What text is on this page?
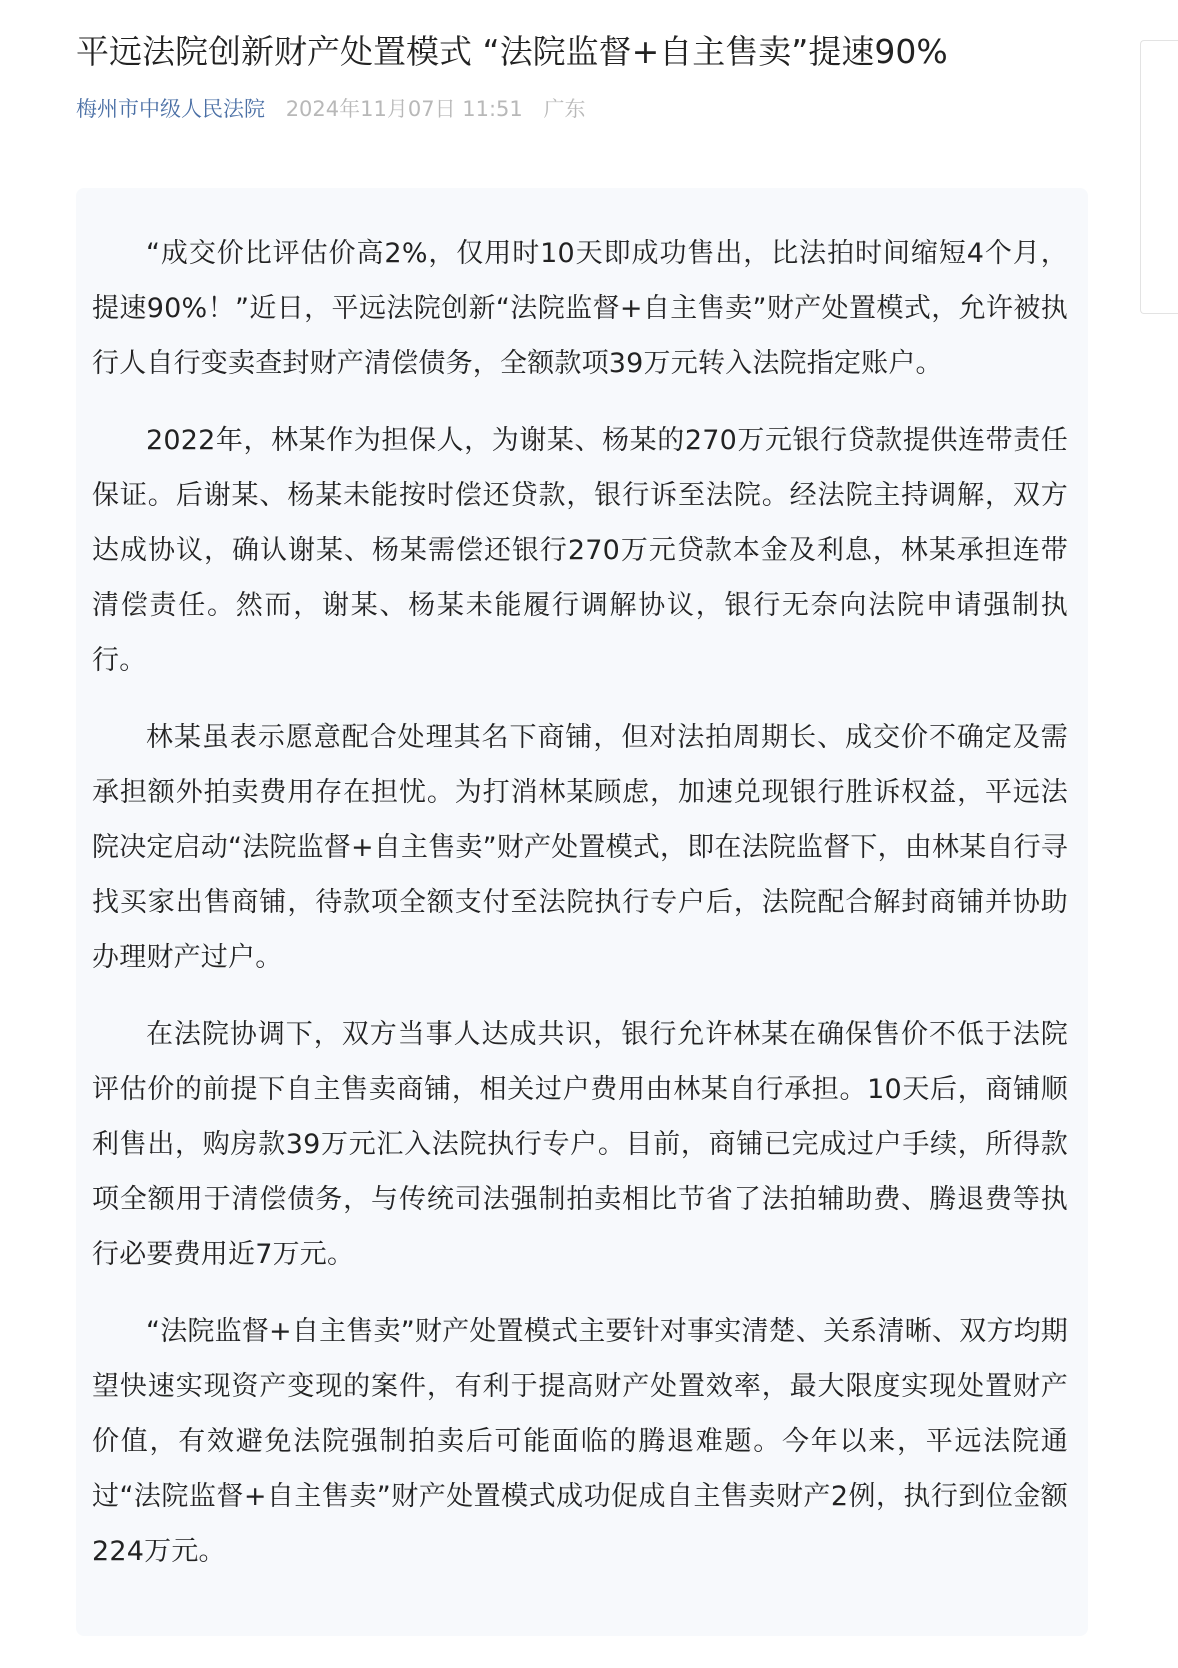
平远法院创新财产处置模式 “法院监督+自主售卖”提速90%
梅州市中级人民法院 2024年11月07日 11:51 广东

“成交价比评估价高2%，仅用时10天即成功售出，比法拍时间缩短4个月，提速90%！”近日，平远法院创新“法院监督+自主售卖”财产处置模式，允许被执行人自行变卖查封财产清偿债务，全额款项39万元转入法院指定账户。

2022年，林某作为担保人，为谢某、杨某的270万元银行贷款提供连带责任保证。后谢某、杨某未能按时偿还贷款，银行诉至法院。经法院主持调解，双方达成协议，确认谢某、杨某需偿还银行270万元贷款本金及利息，林某承担连带清偿责任。然而，谢某、杨某未能履行调解协议，银行无奈向法院申请强制执行。

林某虽表示愿意配合处理其名下商铺，但对法拍周期长、成交价不确定及需承担额外拍卖费用存在担忧。为打消林某顾虑，加速兑现银行胜诉权益，平远法院决定启动“法院监督+自主售卖”财产处置模式，即在法院监督下，由林某自行寻找买家出售商铺，待款项全额支付至法院执行专户后，法院配合解封商铺并协助办理财产过户。

在法院协调下，双方当事人达成共识，银行允许林某在确保售价不低于法院评估价的前提下自主售卖商铺，相关过户费用由林某自行承担。10天后，商铺顺利售出，购房款39万元汇入法院执行专户。目前，商铺已完成过户手续，所得款项全额用于清偿债务，与传统司法强制拍卖相比节省了法拍辅助费、腾退费等执行必要费用近7万元。

“法院监督+自主售卖”财产处置模式主要针对事实清楚、关系清晰、双方均期望快速实现资产变现的案件，有利于提高财产处置效率，最大限度实现处置财产价值，有效避免法院强制拍卖后可能面临的腾退难题。今年以来，平远法院通过“法院监督+自主售卖”财产处置模式成功促成自主售卖财产2例，执行到位金额224万元。
